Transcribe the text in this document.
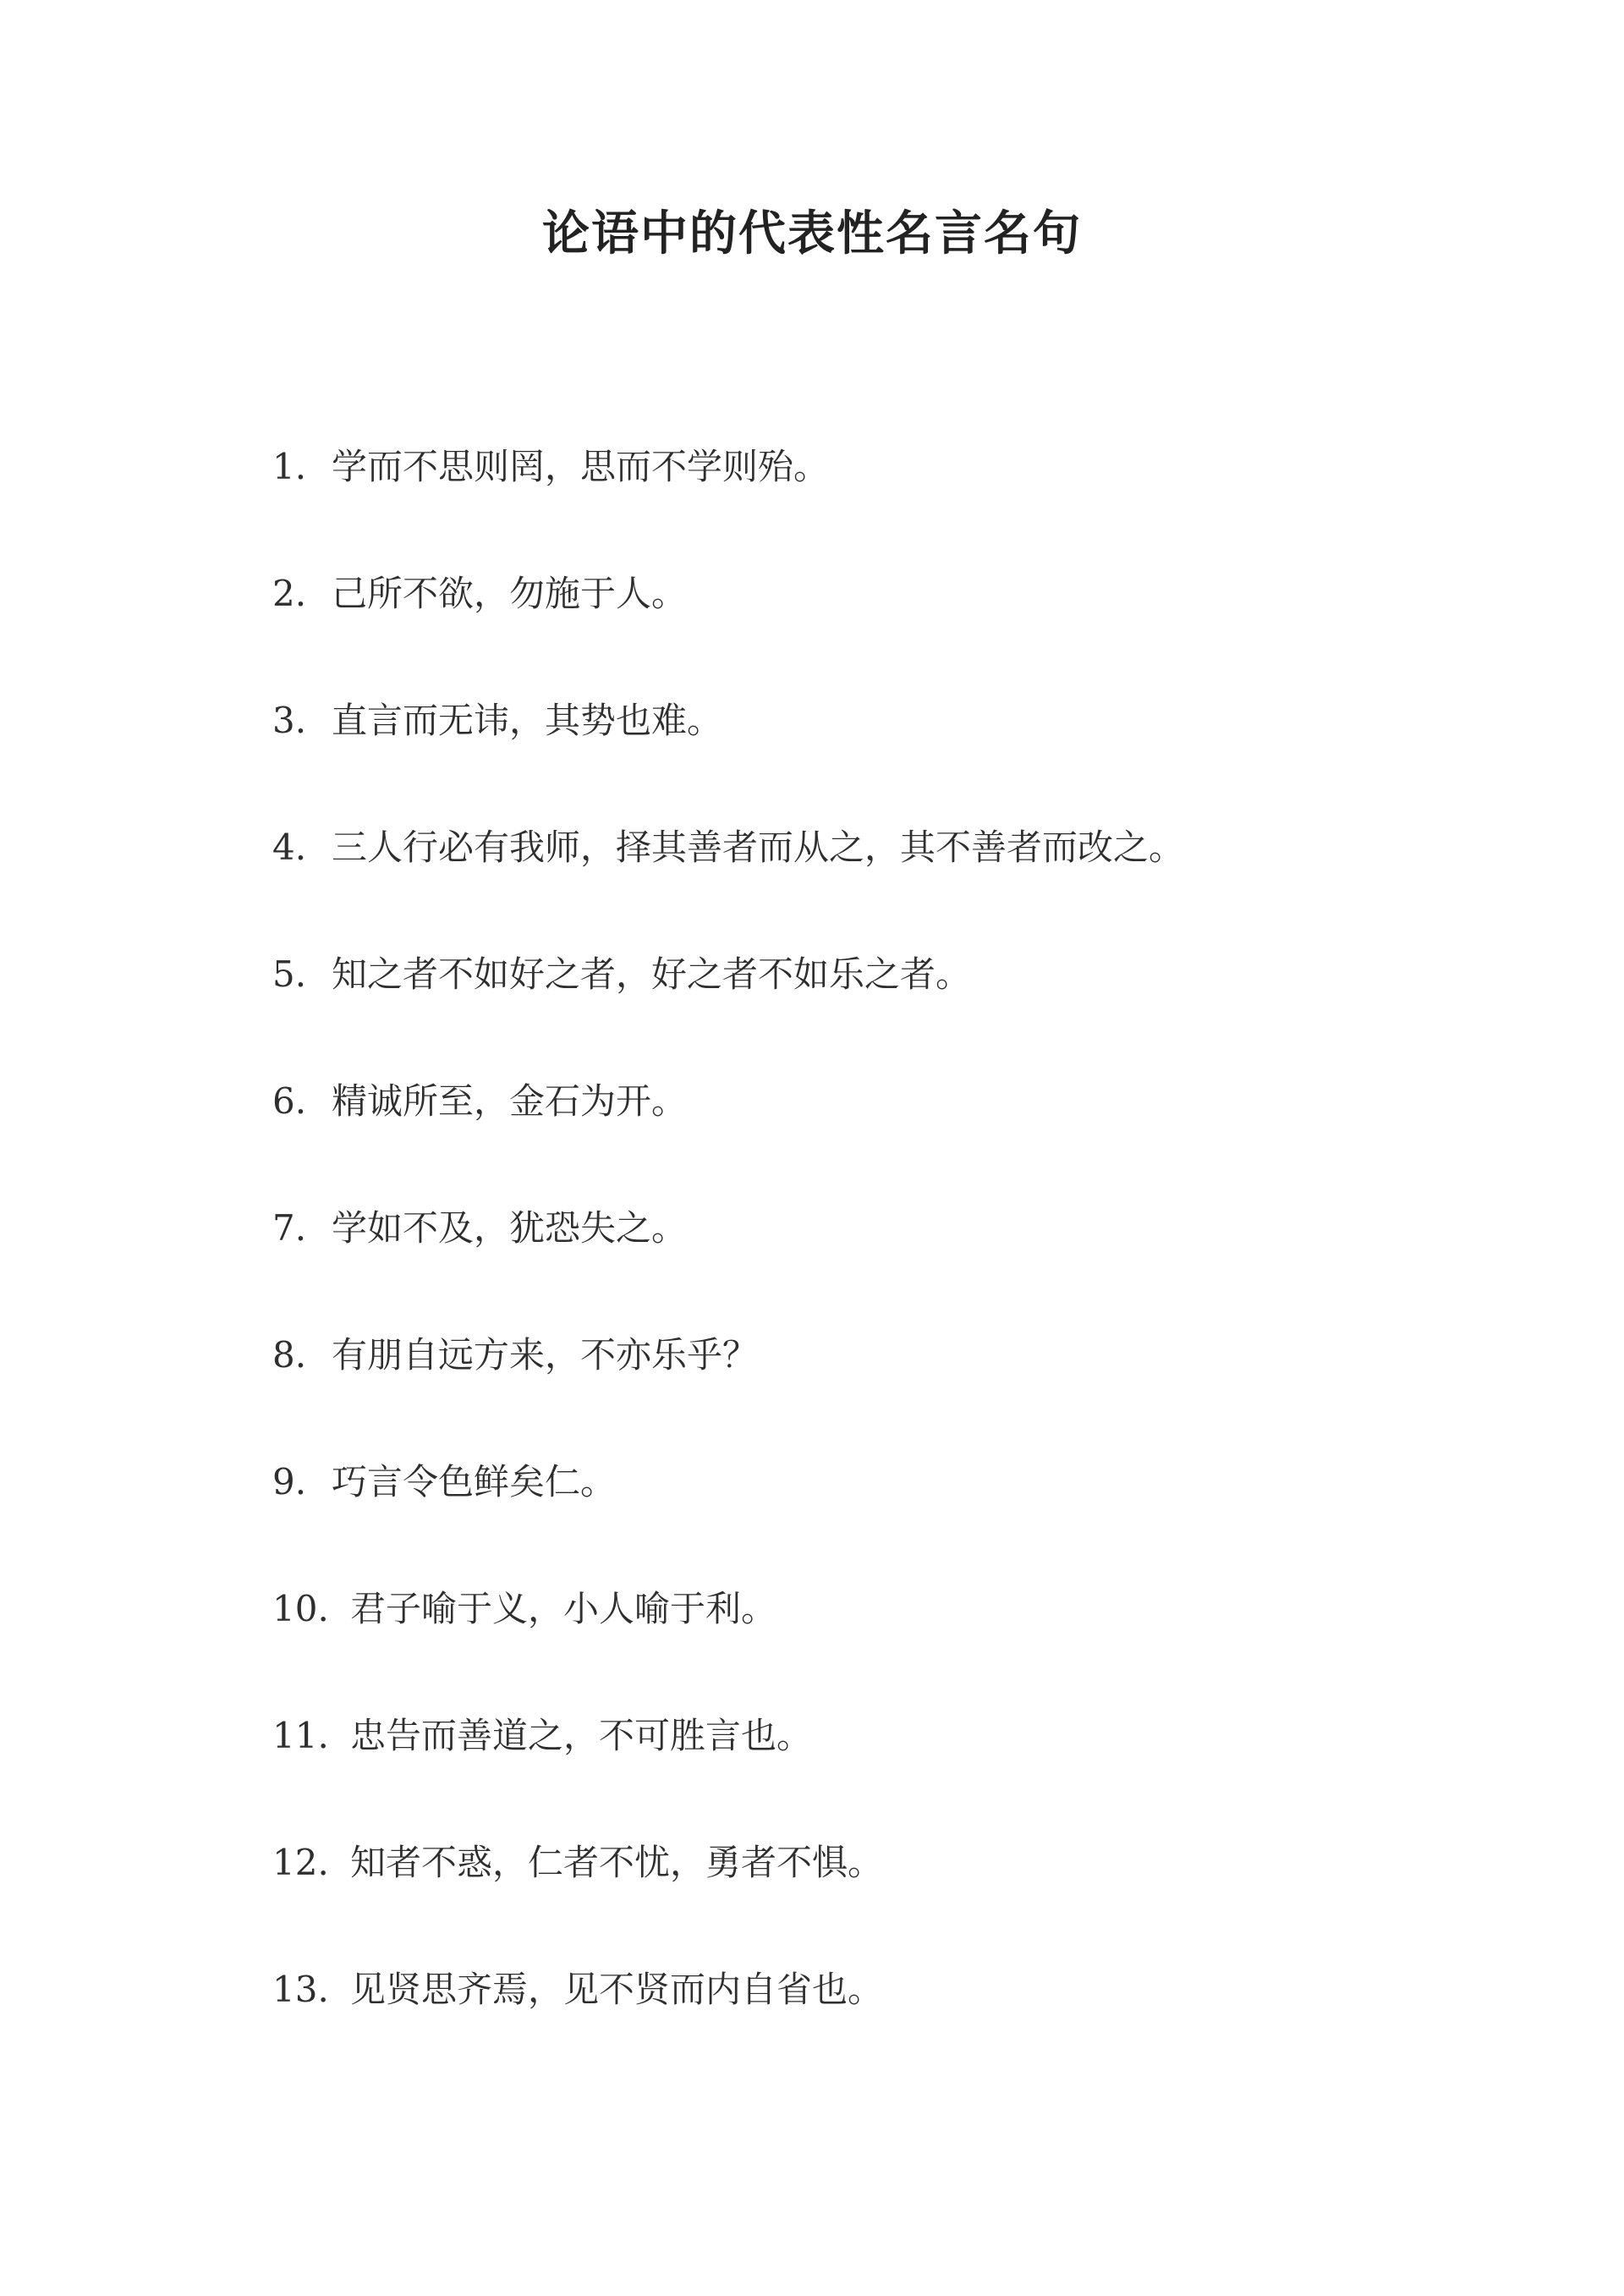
论语中的代表性名言名句
1. 学而不思则罔，思而不学则殆。
2. 己所不欲，勿施于人。
3. 直言而无讳，其势也难。
4. 三人行必有我师，择其善者而从之，其不善者而改之。
5. 知之者不如好之者，好之者不如乐之者。
6. 精诚所至，金石为开。
7. 学如不及，犹恐失之。
8. 有朋自远方来，不亦乐乎？
9. 巧言令色鲜矣仁。
10. 君子喻于义，小人喻于利。
11. 忠告而善道之，不可胜言也。
12. 知者不惑，仁者不忧，勇者不惧。
13. 见贤思齐焉，见不贤而内自省也。
